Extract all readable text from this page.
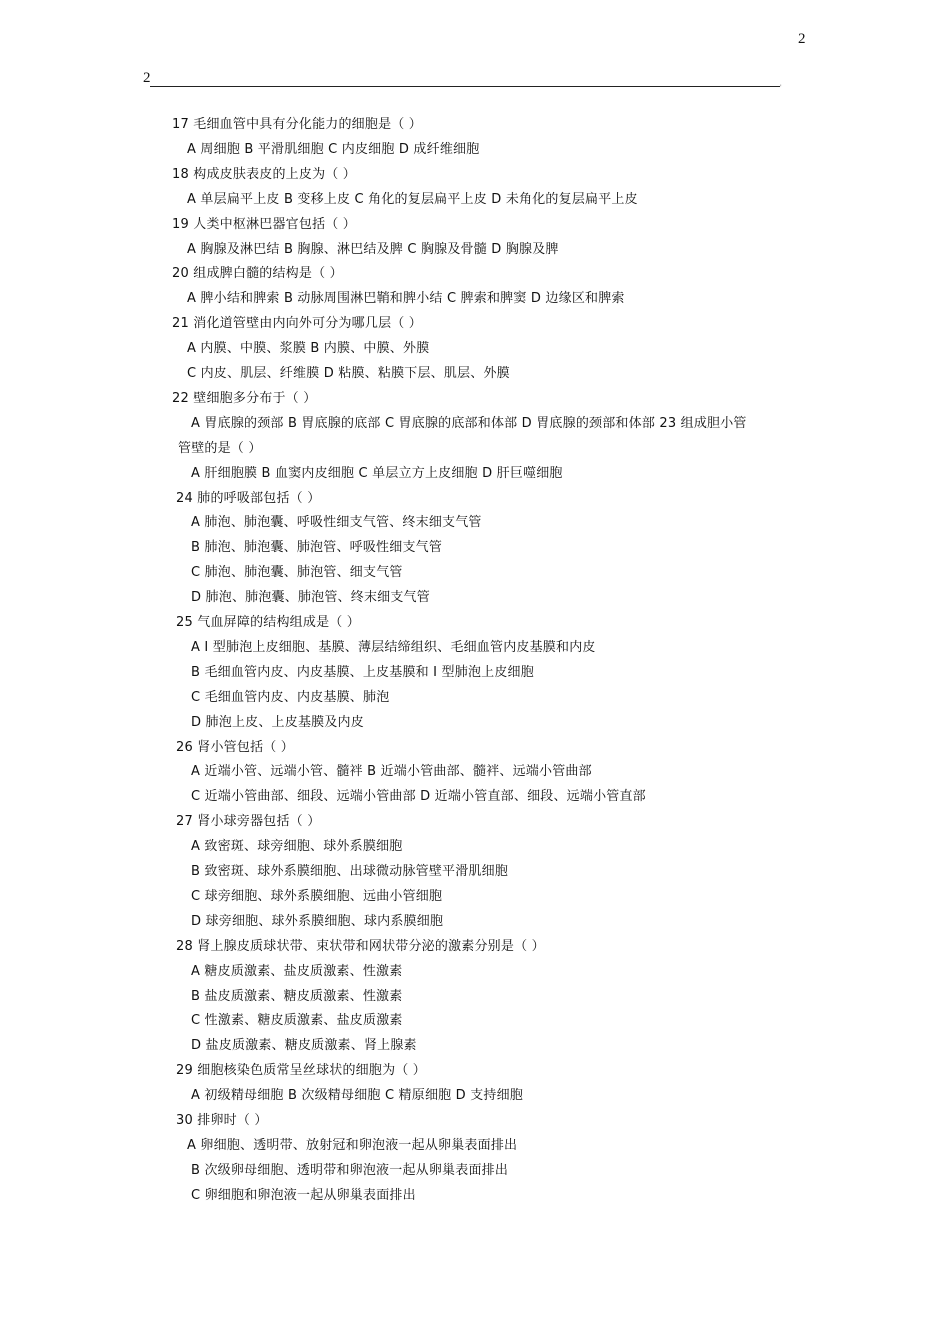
2
2
'
17 毛细血管中具有分化能力的细胞是（ ）
A 周细胞 B 平滑肌细胞 C 内皮细胞 D 成纤维细胞
18 构成皮肤表皮的上皮为（ ）
A 单层扁平上皮 B 变移上皮 C 角化的复层扁平上皮 D 未角化的复层扁平上皮
19 人类中枢淋巴器官包括（ ）
A 胸腺及淋巴结 B 胸腺、淋巴结及脾 C 胸腺及骨髓 D 胸腺及脾
20 组成脾白髓的结构是（ ）
A 脾小结和脾索 B 动脉周围淋巴鞘和脾小结 C 脾索和脾窦 D 边缘区和脾索
21 消化道管壁由内向外可分为哪几层（ ）
A 内膜、中膜、浆膜 B 内膜、中膜、外膜
C 内皮、肌层、纤维膜 D 粘膜、粘膜下层、肌层、外膜
22 壁细胞多分布于（ ）
A 胃底腺的颈部 B 胃底腺的底部 C 胃底腺的底部和体部 D 胃底腺的颈部和体部 23 组成胆小管
管壁的是（ ）
A 肝细胞膜 B 血窦内皮细胞 C 单层立方上皮细胞 D 肝巨噬细胞
24 肺的呼吸部包括（ ）
A 肺泡、肺泡囊、呼吸性细支气管、终末细支气管
B 肺泡、肺泡囊、肺泡管、呼吸性细支气管
C 肺泡、肺泡囊、肺泡管、细支气管
D 肺泡、肺泡囊、肺泡管、终末细支气管
25 气血屏障的结构组成是（ ）
A I 型肺泡上皮细胞、基膜、薄层结缔组织、毛细血管内皮基膜和内皮
B 毛细血管内皮、内皮基膜、上皮基膜和 I 型肺泡上皮细胞
C 毛细血管内皮、内皮基膜、肺泡
D 肺泡上皮、上皮基膜及内皮
26 肾小管包括（ ）
A 近端小管、远端小管、髓袢 B 近端小管曲部、髓袢、远端小管曲部
C 近端小管曲部、细段、远端小管曲部 D 近端小管直部、细段、远端小管直部
27 肾小球旁器包括（ ）
A 致密斑、球旁细胞、球外系膜细胞
B 致密斑、球外系膜细胞、出球微动脉管壁平滑肌细胞
C 球旁细胞、球外系膜细胞、远曲小管细胞
D 球旁细胞、球外系膜细胞、球内系膜细胞
28 肾上腺皮质球状带、束状带和网状带分泌的激素分别是（ ）
A 糖皮质激素、盐皮质激素、性激素
B 盐皮质激素、糖皮质激素、性激素
C 性激素、糖皮质激素、盐皮质激素
D 盐皮质激素、糖皮质激素、肾上腺素
29 细胞核染色质常呈丝球状的细胞为（ ）
A 初级精母细胞 B 次级精母细胞 C 精原细胞 D 支持细胞
30 排卵时（ ）
A 卵细胞、透明带、放射冠和卵泡液一起从卵巢表面排出
B 次级卵母细胞、透明带和卵泡液一起从卵巢表面排出
C 卵细胞和卵泡液一起从卵巢表面排出
